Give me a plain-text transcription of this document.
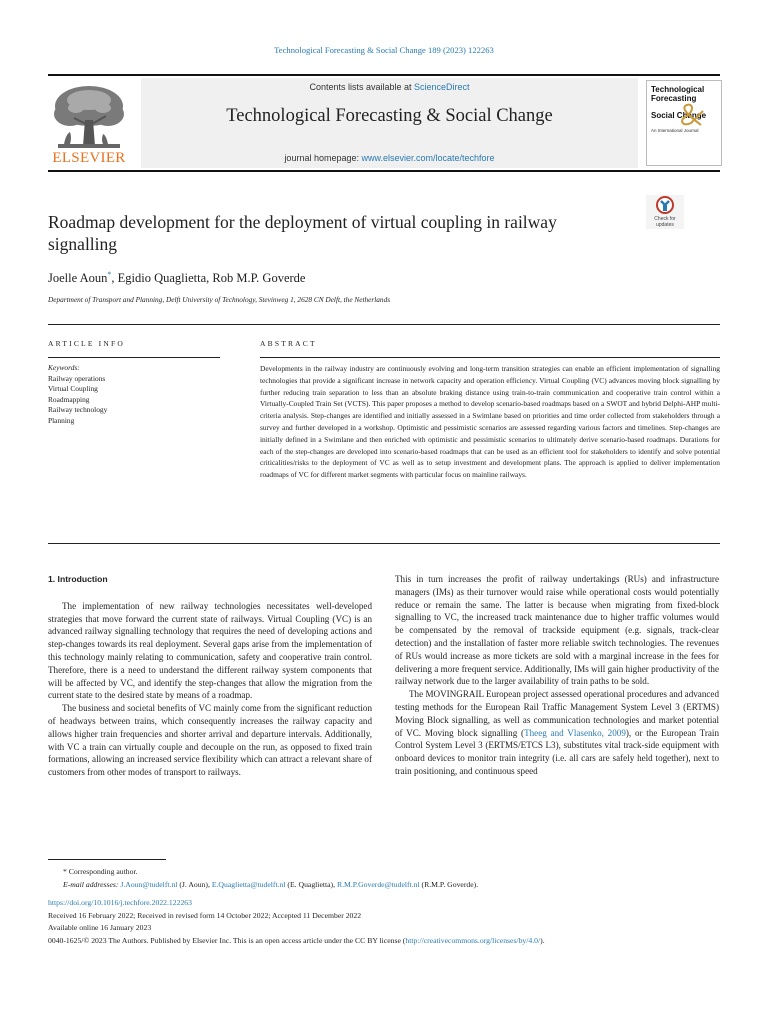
Technological Forecasting & Social Change 189 (2023) 122263
ELSEVIER
Contents lists available at ScienceDirect
Technological Forecasting & Social Change
journal homepage: www.elsevier.com/locate/techfore
Technological
Forecasting
Social Change
An International Journal
Roadmap development for the deployment of virtual coupling in railway signalling
Check for
updates
Joelle Aoun*, Egidio Quaglietta, Rob M.P. Goverde
Department of Transport and Planning, Delft University of Technology, Stevinweg 1, 2628 CN Delft, the Netherlands
ARTICLE INFO	ABSTRACT
Keywords:
Railway operations
Virtual Coupling
Roadmapping
Railway technology
Planning
Developments in the railway industry are continuously evolving and long-term transition strategies can enable an efficient implementation of signalling technologies that provide a significant increase in network capacity and operation efficiency. Virtual Coupling (VC) advances moving block signalling by further reducing train separation to less than an absolute braking distance using train-to-train communication and cooperative train control within a Virtually-Coupled Train Set (VCTS). This paper proposes a method to develop scenario-based roadmaps based on a SWOT and hybrid Delphi-AHP multi-criteria analysis. Step-changes are identified and initially assessed in a Swimlane based on priorities and time order collected from stakeholders through a survey and further developed in a workshop. Optimistic and pessimistic scenarios are assessed regarding various factors and timelines. Step-changes are initially defined in a Swimlane and then enriched with optimistic and pessimistic scenarios to ultimately derive scenario-based roadmaps. Durations for each of the step-changes are developed into scenario-based roadmaps that can be used as an efficient tool for stakeholders to identify and solve potential criticalities/risks to the deployment of VC as well as to setup investment and development plans. The approach is applied to deliver implementation roadmaps of VC for different market segments with particular focus on mainline railways.

1. Introduction

The implementation of new railway technologies necessitates well-developed strategies that move forward the current state of railways. Virtual Coupling (VC) is an advanced railway signalling technology that requires the need of developing actions and step-changes towards its real deployment. Several gaps arise from the implementation of this technology mainly relating to communication, safety and cooperative train control. Therefore, there is a need to understand the different railway system components that will be affected by VC, and identify the step-changes that allow the migration from the current state to the desired state by means of a roadmap.

The business and societal benefits of VC mainly come from the significant reduction of headways between trains, which consequently increases the railway capacity and allows higher train frequencies and shorter arrival and departure intervals. Additionally, with VC a train can virtually couple and decouple on the run, as opposed to fixed train formations, allowing an increased service flexibility which can attract a relevant share of customers from other modes of transport to railways.

This in turn increases the profit of railway undertakings (RUs) and infrastructure managers (IMs) as their turnover would raise while operational costs would potentially reduce or remain the same. The latter is because when migrating from fixed-block signalling to VC, the increased track maintenance due to higher traffic volumes would be compensated by the removal of trackside equipment (e.g. signals, track-clear detection) and the installation of faster more reliable switch technologies. The revenues of RUs would increase as more tickets are sold with a marginal increase in the fees for delivering a more frequent service. Additionally, IMs will gain higher productivity of the railway network due to the larger availability of train paths to be sold.

The MOVINGRAIL European project assessed operational procedures and advanced testing methods for the European Rail Traffic Management System Level 3 (ERTMS) Moving Block signalling, as well as communication technologies and market potential of VC. Moving block signalling (Theeg and Vlasenko, 2009), or the European Train Control System Level 3 (ERTMS/ETCS L3), substitutes vital track-side equipment with onboard devices to monitor train integrity (i.e. all cars are safely held together), next to train positioning, and continuous speed

* Corresponding author.
E-mail addresses: J.Aoun@tudelft.nl (J. Aoun), E.Quaglietta@tudelft.nl (E. Quaglietta), R.M.P.Goverde@tudelft.nl (R.M.P. Goverde).
https://doi.org/10.1016/j.techfore.2022.122263
Received 16 February 2022; Received in revised form 14 October 2022; Accepted 11 December 2022
Available online 16 January 2023
0040-1625/© 2023 The Authors. Published by Elsevier Inc. This is an open access article under the CC BY license (http://creativecommons.org/licenses/by/4.0/).
